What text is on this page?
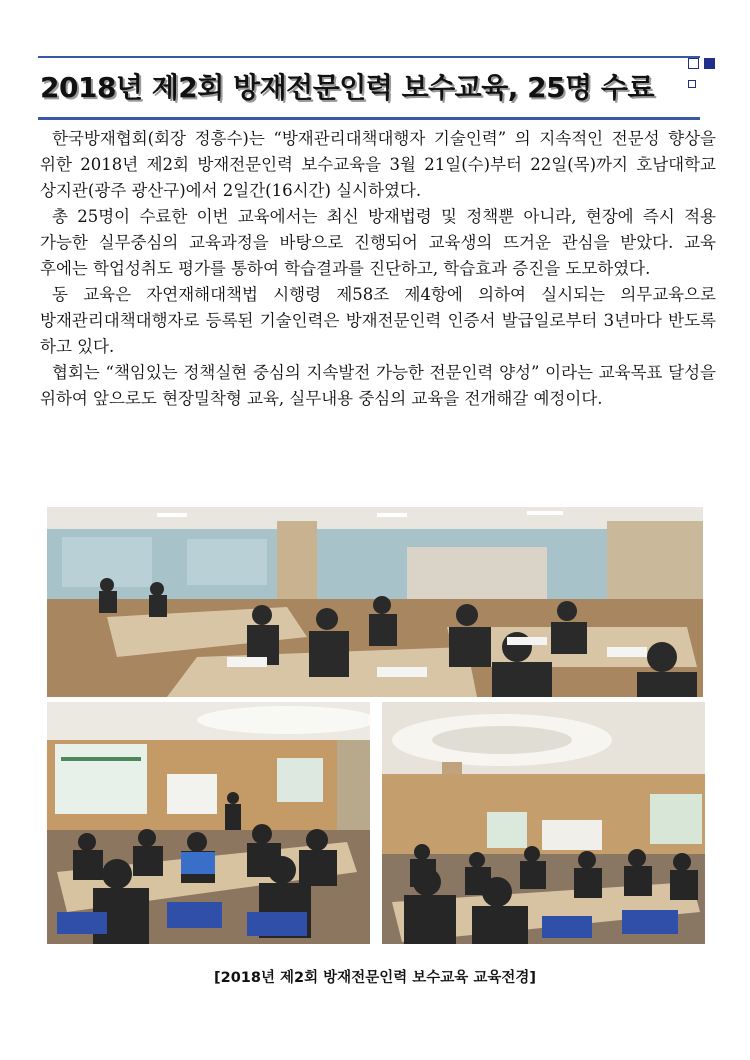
2018년 제2회 방재전문인력 보수교육, 25명 수료

한국방재협회(회장 정흥수)는 “방재관리대책대행자 기술인력” 의 지속적인 전문성 향상을 위한 2018년 제2회 방재전문인력 보수교육을 3월 21일(수)부터 22일(목)까지 호남대학교 상지관(광주 광산구)에서 2일간(16시간) 실시하였다.

총 25명이 수료한 이번 교육에서는 최신 방재법령 및 정책뿐 아니라, 현장에 즉시 적용 가능한 실무중심의 교육과정을 바탕으로 진행되어 교육생의 뜨거운 관심을 받았다. 교육 후에는 학업성취도 평가를 통하여 학습결과를 진단하고, 학습효과 증진을 도모하였다.

동 교육은 자연재해대책법 시행령 제58조 제4항에 의하여 실시되는 의무교육으로 방재관리대책대행자로 등록된 기술인력은 방재전문인력 인증서 발급일로부터 3년마다 반도록 하고 있다.

협회는 “책임있는 정책실현 중심의 지속발전 가능한 전문인력 양성” 이라는 교육목표 달성을 위하여 앞으로도 현장밀착형 교육, 실무내용 중심의 교육을 전개해갈 예정이다.

[2018년 제2회 방재전문인력 보수교육 교육전경]
